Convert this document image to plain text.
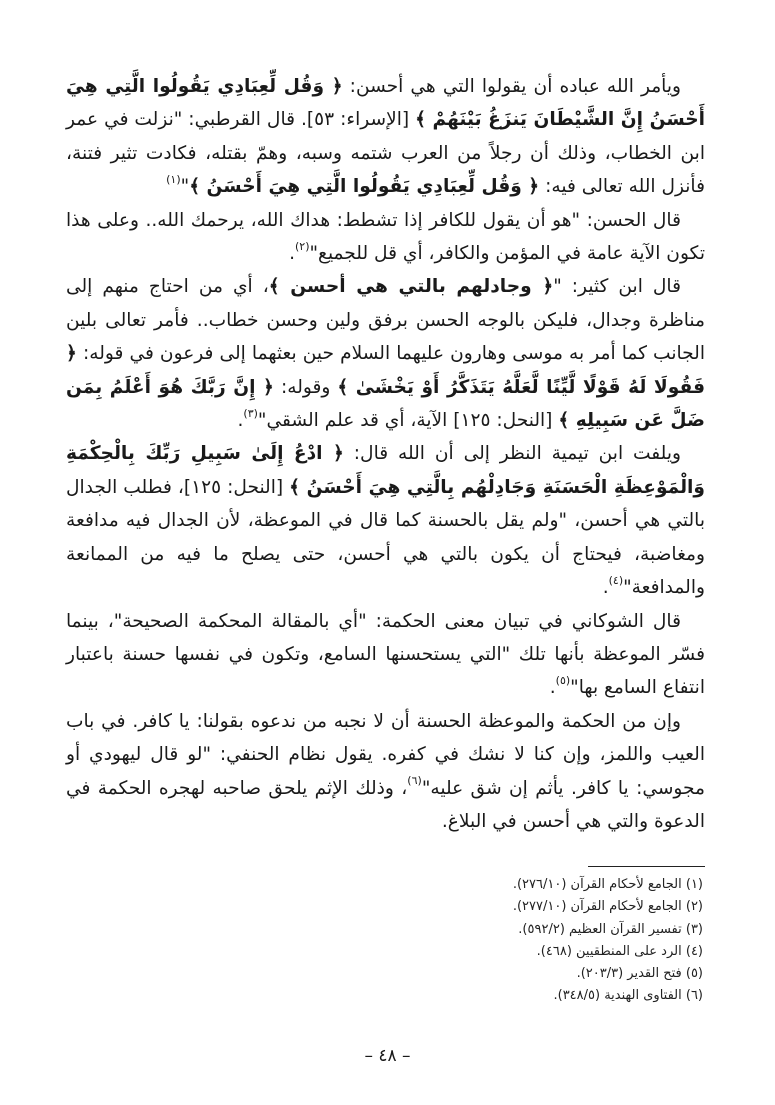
ويأمر الله عباده أن يقولوا التي هي أحسن: ﴿ وَقُل لِّعِبَادِي يَقُولُوا الَّتِي هِيَ أَحْسَنُ إِنَّ الشَّيْطَانَ يَنزَغُ بَيْنَهُمْ ﴾ [الإسراء: ٥٣]. قال القرطبي: "نزلت في عمر ابن الخطاب، وذلك أن رجلاً من العرب شتمه وسبه، وهمّ بقتله، فكادت تثير فتنة، فأنزل الله تعالى فيه: ﴿ وَقُل لِّعِبَادِي يَقُولُوا الَّتِي هِيَ أَحْسَنُ ﴾"$^{(١)}$

قال الحسن: "هو أن يقول للكافر إذا تشطط: هداك الله، يرحمك الله.. وعلى هذا تكون الآية عامة في المؤمن والكافر، أي قل للجميع"$^{(٢)}$.

قال ابن كثير: "﴿ وجادلهم بالتي هي أحسن ﴾، أي من احتاج منهم إلى مناظرة وجدال، فليكن بالوجه الحسن برفق ولين وحسن خطاب.. فأمر تعالى بلين الجانب كما أمر به موسى وهارون عليهما السلام حين بعثهما إلى فرعون في قوله: ﴿ فَقُولَا لَهُ قَوْلًا لَّيِّنًا لَّعَلَّهُ يَتَذَكَّرُ أَوْ يَخْشَىٰ ﴾ وقوله: ﴿ إِنَّ رَبَّكَ هُوَ أَعْلَمُ بِمَن ضَلَّ عَن سَبِيلِهِ ﴾ [النحل: ١٢٥] الآية، أي قد علم الشقي"$^{(٣)}$.

ويلفت ابن تيمية النظر إلى أن الله قال: ﴿ ادْعُ إِلَىٰ سَبِيلِ رَبِّكَ بِالْحِكْمَةِ وَالْمَوْعِظَةِ الْحَسَنَةِ وَجَادِلْهُم بِالَّتِي هِيَ أَحْسَنُ ﴾ [النحل: ١٢٥]، فطلب الجدال بالتي هي أحسن، "ولم يقل بالحسنة كما قال في الموعظة، لأن الجدال فيه مدافعة ومغاضبة، فيحتاج أن يكون بالتي هي أحسن، حتى يصلح ما فيه من الممانعة والمدافعة"$^{(٤)}$.

قال الشوكاني في تبيان معنى الحكمة: "أي بالمقالة المحكمة الصحيحة"، بينما فسّر الموعظة بأنها تلك "التي يستحسنها السامع، وتكون في نفسها حسنة باعتبار انتفاع السامع بها"$^{(٥)}$.

وإن من الحكمة والموعظة الحسنة أن لا نجبه من ندعوه بقولنا: يا كافر. في باب العيب واللمز، وإن كنا لا نشك في كفره. يقول نظام الحنفي: "لو قال ليهودي أو مجوسي: يا كافر. يأثم إن شق عليه"$^{(٦)}$، وذلك الإثم يلحق صاحبه لهجره الحكمة في الدعوة والتي هي أحسن في البلاغ.

(١) الجامع لأحكام القرآن (٢٧٦/١٠).
(٢) الجامع لأحكام القرآن (٢٧٧/١٠).
(٣) تفسير القرآن العظيم (٥٩٢/٢).
(٤) الرد على المنطقيين (٤٦٨).
(٥) فتح القدير (٢٠٣/٣).
(٦) الفتاوى الهندية (٣٤٨/٥).
– ٤٨ –
